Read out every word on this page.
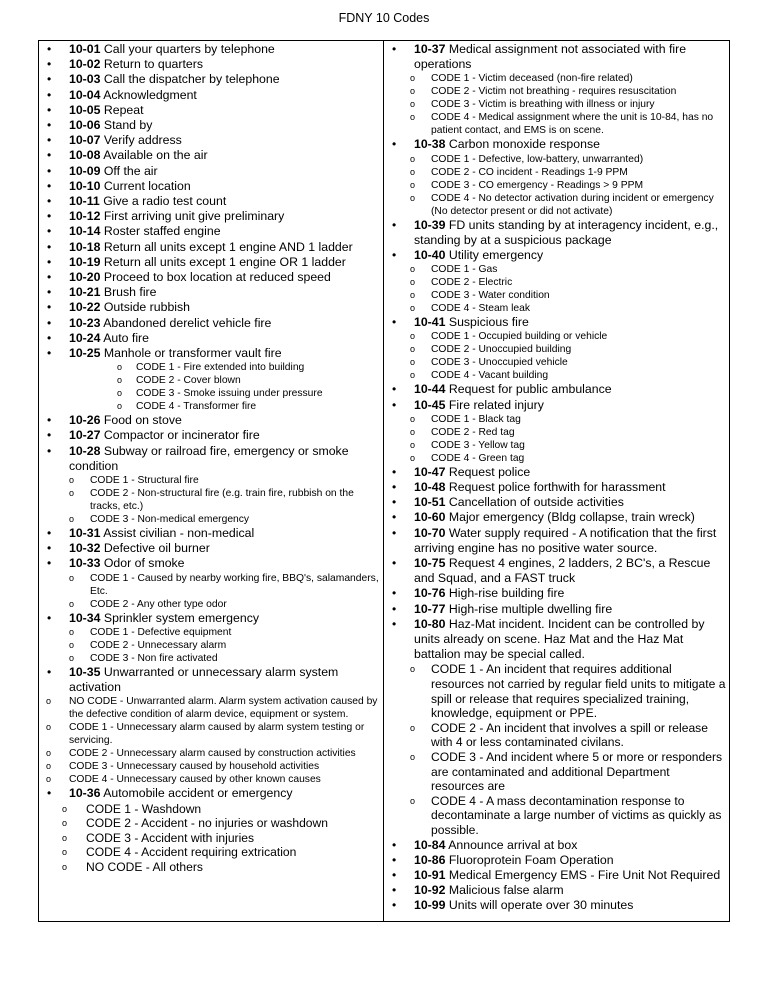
FDNY 10 Codes
• 10-01 Call your quarters by telephone
• 10-02 Return to quarters
• 10-03 Call the dispatcher by telephone
• 10-04 Acknowledgment
• 10-05 Repeat
• 10-06 Stand by
• 10-07 Verify address
• 10-08 Available on the air
• 10-09 Off the air
• 10-10 Current location
• 10-11 Give a radio test count
• 10-12 First arriving unit give preliminary
• 10-14 Roster staffed engine
• 10-18 Return all units except 1 engine AND 1 ladder
• 10-19 Return all units except 1 engine OR 1 ladder
• 10-20 Proceed to box location at reduced speed
• 10-21 Brush fire
• 10-22 Outside rubbish
• 10-23 Abandoned derelict vehicle fire
• 10-24 Auto fire
• 10-25 Manhole or transformer vault fire
o CODE 1 - Fire extended into building
o CODE 2 - Cover blown
o CODE 3 - Smoke issuing under pressure
o CODE 4 - Transformer fire
• 10-26 Food on stove
• 10-27 Compactor or incinerator fire
• 10-28 Subway or railroad fire, emergency or smoke condition
o CODE 1 - Structural fire
o CODE 2 - Non-structural fire (e.g. train fire, rubbish on the tracks, etc.)
o CODE 3 - Non-medical emergency
• 10-31 Assist civilian - non-medical
• 10-32 Defective oil burner
• 10-33 Odor of smoke
o CODE 1 - Caused by nearby working fire, BBQ's, salamanders, Etc.
o CODE 2 - Any other type odor
• 10-34 Sprinkler system emergency
o CODE 1 - Defective equipment
o CODE 2 - Unnecessary alarm
o CODE 3 - Non fire activated
• 10-35 Unwarranted or unnecessary alarm system activation
o NO CODE - Unwarranted alarm. Alarm system activation caused by the defective condition of alarm device, equipment or system.
o CODE 1 - Unnecessary alarm caused by alarm system testing or servicing.
o CODE 2 - Unnecessary alarm caused by construction activities
o CODE 3 - Unnecessary caused by household activities
o CODE 4 - Unnecessary caused by other known causes
• 10-36 Automobile accident or emergency
o CODE 1 - Washdown
o CODE 2 - Accident - no injuries or washdown
o CODE 3 - Accident with injuries
o CODE 4 - Accident requiring extrication
o NO CODE - All others
• 10-37 Medical assignment not associated with fire operations
o CODE 1 - Victim deceased (non-fire related)
o CODE 2 - Victim not breathing - requires resuscitation
o CODE 3 - Victim is breathing with illness or injury
o CODE 4 - Medical assignment where the unit is 10-84, has no patient contact, and EMS is on scene.
• 10-38 Carbon monoxide response
o CODE 1 - Defective, low-battery, unwarranted)
o CODE 2 - CO incident - Readings 1-9 PPM
o CODE 3 - CO emergency - Readings > 9 PPM
o CODE 4 - No detector activation during incident or emergency (No detector present or did not activate)
• 10-39 FD units standing by at interagency incident, e.g., standing by at a suspicious package
• 10-40 Utility emergency
o CODE 1 - Gas
o CODE 2 - Electric
o CODE 3 - Water condition
o CODE 4 - Steam leak
• 10-41 Suspicious fire
o CODE 1 - Occupied building or vehicle
o CODE 2 - Unoccupied building
o CODE 3 - Unoccupied vehicle
o CODE 4 - Vacant building
• 10-44 Request for public ambulance
• 10-45 Fire related injury
o CODE 1 - Black tag
o CODE 2 - Red tag
o CODE 3 - Yellow tag
o CODE 4 - Green tag
• 10-47 Request police
• 10-48 Request police forthwith for harassment
• 10-51 Cancellation of outside activities
• 10-60 Major emergency (Bldg collapse, train wreck)
• 10-70 Water supply required - A notification that the first arriving engine has no positive water source.
• 10-75 Request 4 engines, 2 ladders, 2 BC's, a Rescue and Squad, and a FAST truck
• 10-76 High-rise building fire
• 10-77 High-rise multiple dwelling fire
• 10-80 Haz-Mat incident. Incident can be controlled by units already on scene. Haz Mat and the Haz Mat battalion may be special called.
o CODE 1 - An incident that requires additional resources not carried by regular field units to mitigate a spill or release that requires specialized training, knowledge, equipment or PPE.
o CODE 2 - An incident that involves a spill or release with 4 or less contaminated civilans.
o CODE 3 - And incident where 5 or more or responders are contaminated and additional Department resources are
o CODE 4 - A mass decontamination response to decontaminate a large number of victims as quickly as possible.
• 10-84 Announce arrival at box
• 10-86 Fluoroprotein Foam Operation
• 10-91 Medical Emergency EMS - Fire Unit Not Required
• 10-92 Malicious false alarm
• 10-99 Units will operate over 30 minutes
